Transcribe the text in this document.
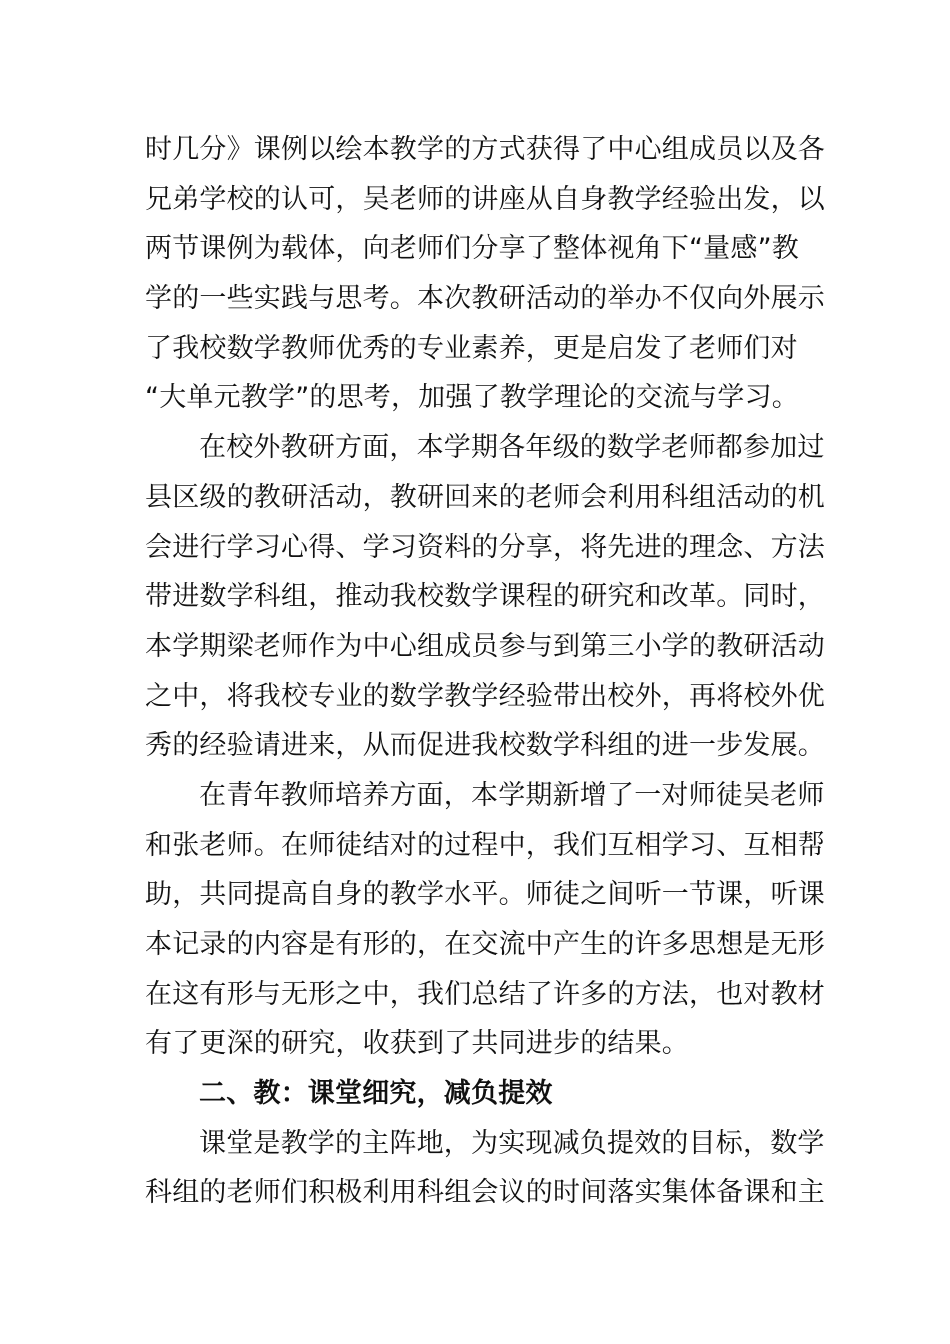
时几分》课例以绘本教学的方式获得了中心组成员以及各
兄弟学校的认可，吴老师的讲座从自身教学经验出发，以
两节课例为载体，向老师们分享了整体视角下“量感”教
学的一些实践与思考。本次教研活动的举办不仅向外展示
了我校数学教师优秀的专业素养，更是启发了老师们对
“大单元教学”的思考，加强了教学理论的交流与学习。
在校外教研方面，本学期各年级的数学老师都参加过
县区级的教研活动，教研回来的老师会利用科组活动的机
会进行学习心得、学习资料的分享，将先进的理念、方法
带进数学科组，推动我校数学课程的研究和改革。同时，
本学期梁老师作为中心组成员参与到第三小学的教研活动
之中，将我校专业的数学教学经验带出校外，再将校外优
秀的经验请进来，从而促进我校数学科组的进一步发展。
在青年教师培养方面，本学期新增了一对师徒吴老师
和张老师。在师徒结对的过程中，我们互相学习、互相帮
助，共同提高自身的教学水平。师徒之间听一节课，听课
本记录的内容是有形的，在交流中产生的许多思想是无形
在这有形与无形之中，我们总结了许多的方法，也对教材
有了更深的研究，收获到了共同进步的结果。
二、教：课堂细究，减负提效
课堂是教学的主阵地，为实现减负提效的目标，数学
科组的老师们积极利用科组会议的时间落实集体备课和主
